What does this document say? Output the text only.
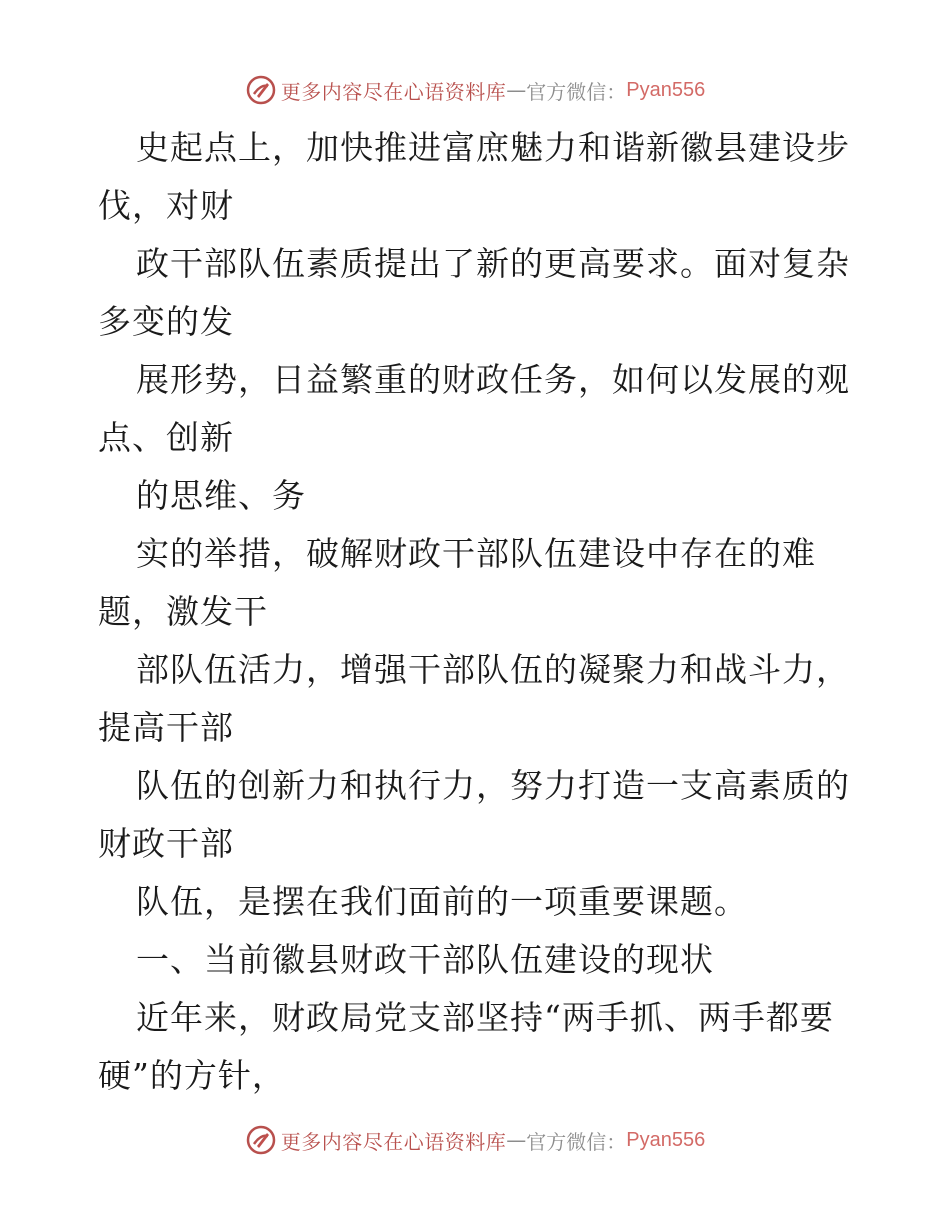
更多内容尽在心语资料库 — 官方微信： Pyan556
史起点上，加快推进富庶魅力和谐新徽县建设步
伐，对财
政干部队伍素质提出了新的更高要求。面对复杂
多变的发
展形势，日益繁重的财政任务，如何以发展的观
点、创新
的思维、务
实的举措，破解财政干部队伍建设中存在的难
题，激发干
部队伍活力，增强干部队伍的凝聚力和战斗力，
提高干部
队伍的创新力和执行力，努力打造一支高素质的
财政干部
队伍，是摆在我们面前的一项重要课题。
一、当前徽县财政干部队伍建设的现状
近年来，财政局党支部坚持“两手抓、两手都要
硬”的方针，
更多内容尽在心语资料库 — 官方微信： Pyan556
